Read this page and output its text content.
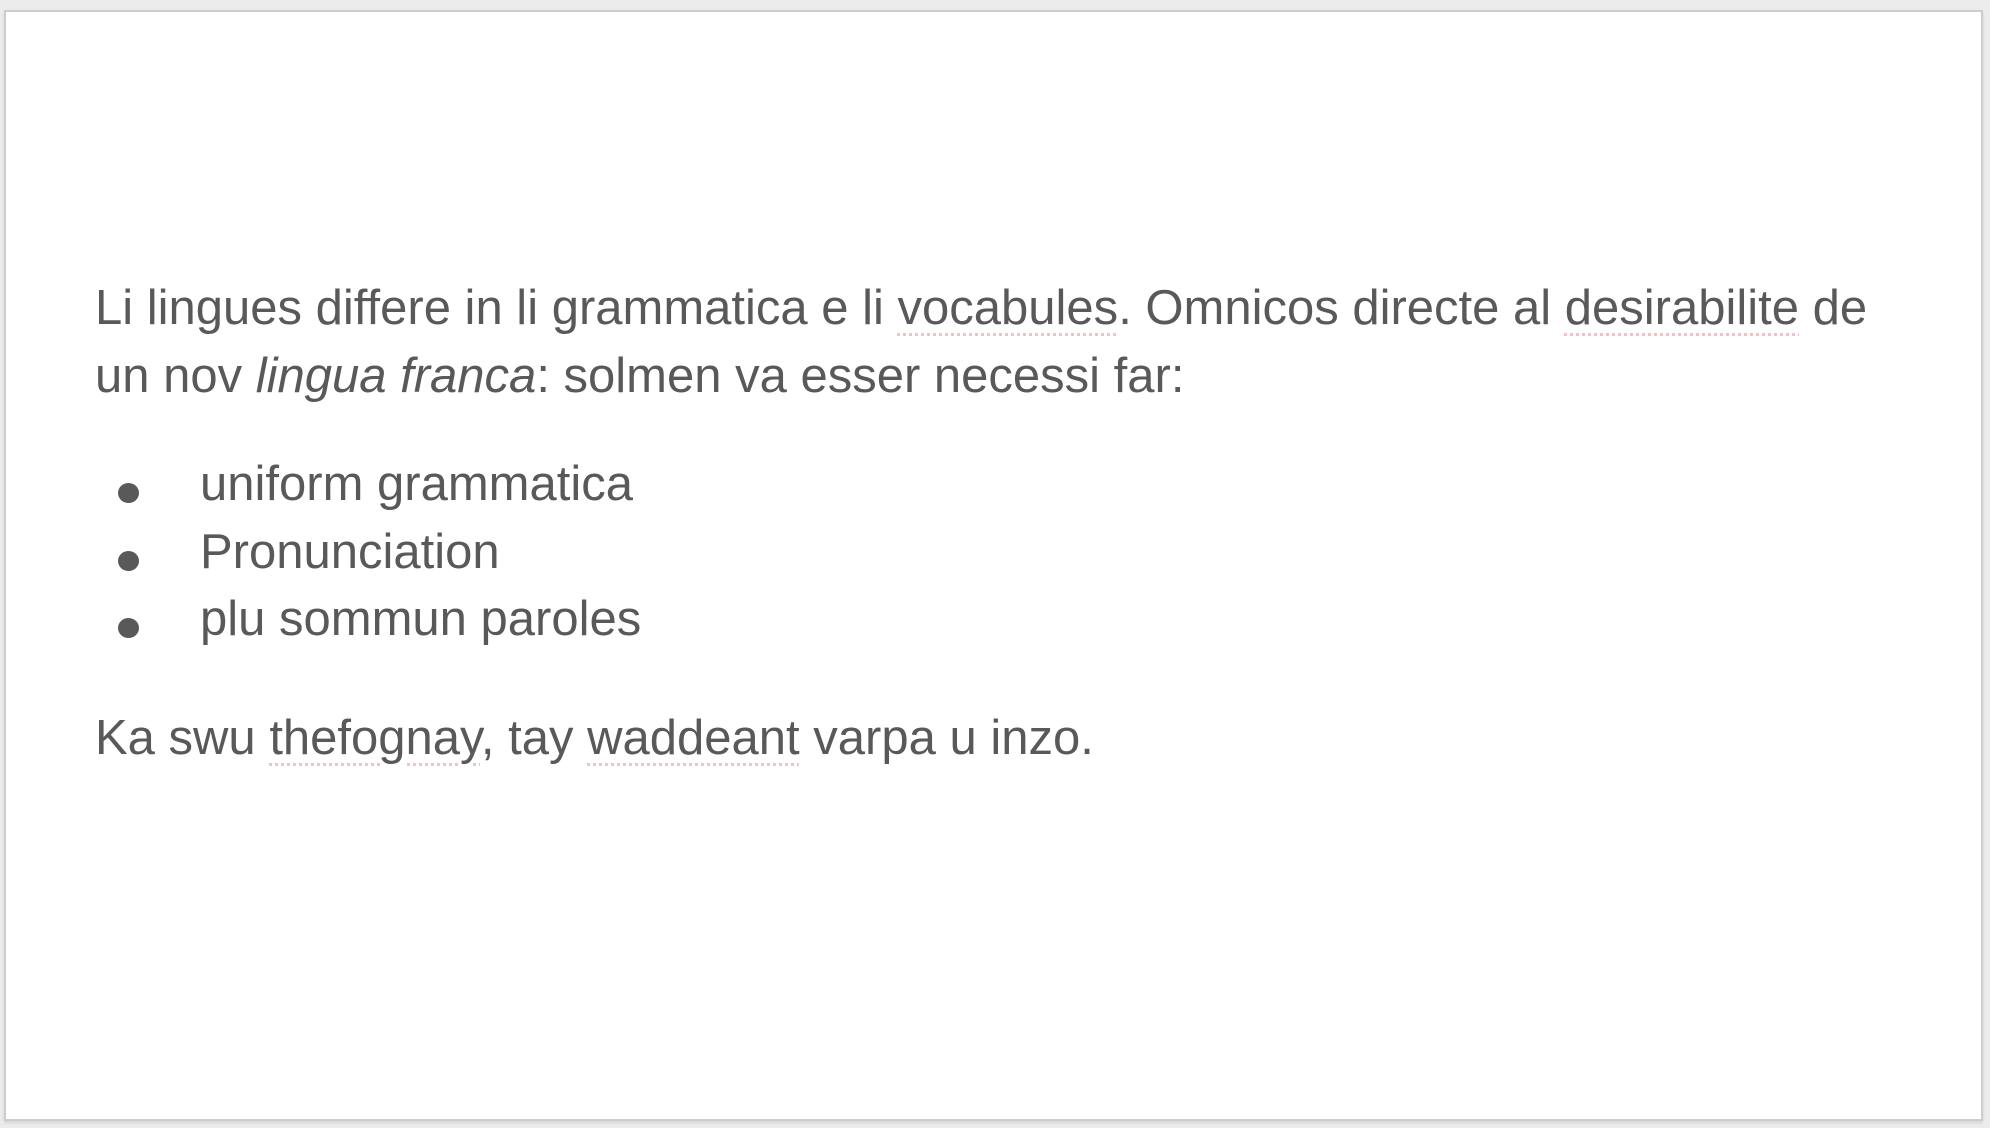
Li lingues differe in li grammatica e li vocabules. Omnicos directe al desirabilite de
un nov lingua franca: solmen va esser necessi far:

uniform grammatica
Pronunciation
plu sommun paroles

Ka swu thefognay, tay waddeant varpa u inzo.
